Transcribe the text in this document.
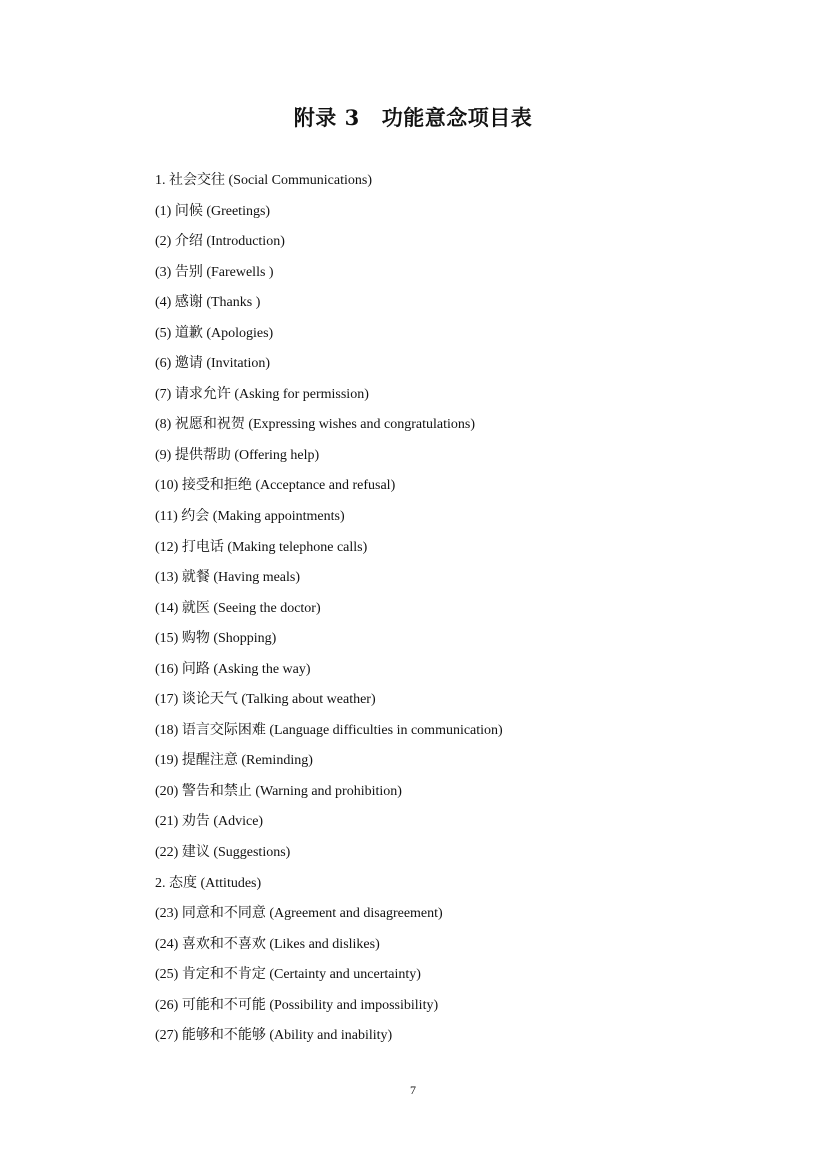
附录 3 功能意念项目表
1. 社会交往 (Social Communications)
(1) 问候 (Greetings)
(2) 介绍 (Introduction)
(3) 告别 (Farewells )
(4) 感谢 (Thanks )
(5) 道歉 (Apologies)
(6) 邀请 (Invitation)
(7) 请求允许 (Asking for permission)
(8) 祝愿和祝贺 (Expressing wishes and congratulations)
(9) 提供帮助 (Offering help)
(10) 接受和拒绝 (Acceptance and refusal)
(11) 约会 (Making appointments)
(12) 打电话 (Making telephone calls)
(13) 就餐 (Having meals)
(14) 就医 (Seeing the doctor)
(15) 购物 (Shopping)
(16) 问路 (Asking the way)
(17) 谈论天气 (Talking about weather)
(18) 语言交际困难 (Language difficulties in communication)
(19) 提醒注意 (Reminding)
(20) 警告和禁止 (Warning and prohibition)
(21) 劝告 (Advice)
(22) 建议 (Suggestions)
2. 态度 (Attitudes)
(23) 同意和不同意 (Agreement and disagreement)
(24) 喜欢和不喜欢 (Likes and dislikes)
(25) 肯定和不肯定 (Certainty and uncertainty)
(26) 可能和不可能 (Possibility and impossibility)
(27) 能够和不能够 (Ability and inability)
7
